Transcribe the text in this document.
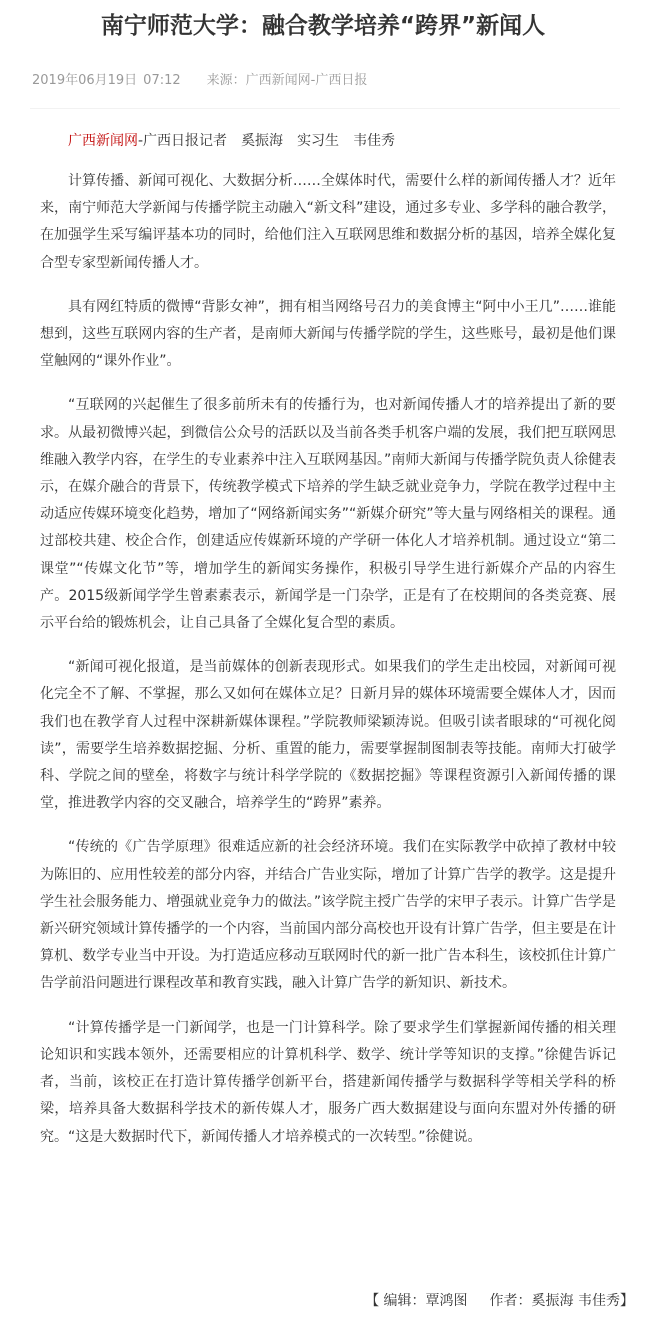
南宁师范大学：融合教学培养“跨界”新闻人
2019年06月19日 07:12 来源：广西新闻网-广西日报
广西新闻网-广西日报记者 奚振海 实习生 韦佳秀

计算传播、新闻可视化、大数据分析……全媒体时代，需要什么样的新闻传播人才？近年来，南宁师范大学新闻与传播学院主动融入“新文科”建设，通过多专业、多学科的融合教学，在加强学生采写编评基本功的同时，给他们注入互联网思维和数据分析的基因，培养全媒化复合型专家型新闻传播人才。

具有网红特质的微博“背影女神”，拥有相当网络号召力的美食博主“阿中小王几”……谁能想到，这些互联网内容的生产者，是南师大新闻与传播学院的学生，这些账号，最初是他们课堂触网的“课外作业”。

“互联网的兴起催生了很多前所未有的传播行为，也对新闻传播人才的培养提出了新的要求。从最初微博兴起，到微信公众号的活跃以及当前各类手机客户端的发展，我们把互联网思维融入教学内容，在学生的专业素养中注入互联网基因。”南师大新闻与传播学院负责人徐健表示，在媒介融合的背景下，传统教学模式下培养的学生缺乏就业竞争力，学院在教学过程中主动适应传媒环境变化趋势，增加了“网络新闻实务”“新媒介研究”等大量与网络相关的课程。通过部校共建、校企合作，创建适应传媒新环境的产学研一体化人才培养机制。通过设立“第二课堂”“传媒文化节”等，增加学生的新闻实务操作，积极引导学生进行新媒介产品的内容生产。2015级新闻学学生曾素素表示，新闻学是一门杂学，正是有了在校期间的各类竞赛、展示平台给的锻炼机会，让自己具备了全媒化复合型的素质。

“新闻可视化报道，是当前媒体的创新表现形式。如果我们的学生走出校园，对新闻可视化完全不了解、不掌握，那么又如何在媒体立足？日新月异的媒体环境需要全媒体人才，因而我们也在教学育人过程中深耕新媒体课程。”学院教师梁颖涛说。但吸引读者眼球的“可视化阅读”，需要学生培养数据挖掘、分析、重置的能力，需要掌握制图制表等技能。南师大打破学科、学院之间的壁垒，将数字与统计科学学院的《数据挖掘》等课程资源引入新闻传播的课堂，推进教学内容的交叉融合，培养学生的“跨界”素养。

“传统的《广告学原理》很难适应新的社会经济环境。我们在实际教学中砍掉了教材中较为陈旧的、应用性较差的部分内容，并结合广告业实际，增加了计算广告学的教学。这是提升学生社会服务能力、增强就业竞争力的做法。”该学院主授广告学的宋甲子表示。计算广告学是新兴研究领域计算传播学的一个内容，当前国内部分高校也开设有计算广告学，但主要是在计算机、数学专业当中开设。为打造适应移动互联网时代的新一批广告本科生，该校抓住计算广告学前沿问题进行课程改革和教育实践，融入计算广告学的新知识、新技术。

“计算传播学是一门新闻学，也是一门计算科学。除了要求学生们掌握新闻传播的相关理论知识和实践本领外，还需要相应的计算机科学、数学、统计学等知识的支撑。”徐健告诉记者，当前，该校正在打造计算传播学创新平台，搭建新闻传播学与数据科学等相关学科的桥梁，培养具备大数据科学技术的新传媒人才，服务广西大数据建设与面向东盟对外传播的研究。“这是大数据时代下，新闻传播人才培养模式的一次转型。”徐健说。

【 编辑：覃鸿图 作者：奚振海 韦佳秀】
